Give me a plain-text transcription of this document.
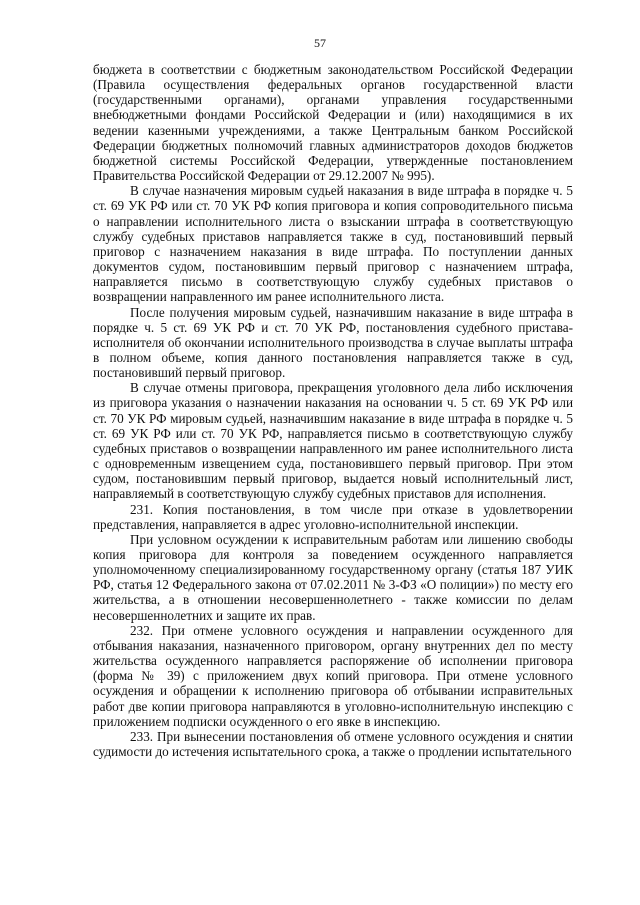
57

бюджета в соответствии с бюджетным законодательством Российской Федерации (Правила осуществления федеральных органов государственной власти (государственными органами), органами управления государственными внебюджетными фондами Российской Федерации и (или) находящимися в их ведении казенными учреждениями, а также Центральным банком Российской Федерации бюджетных полномочий главных администраторов доходов бюджетов бюджетной системы Российской Федерации, утвержденные постановлением Правительства Российской Федерации от 29.12.2007 № 995).

В случае назначения мировым судьей наказания в виде штрафа в порядке ч. 5 ст. 69 УК РФ или ст. 70 УК РФ копия приговора и копия сопроводительного письма о направлении исполнительного листа о взыскании штрафа в соответствующую службу судебных приставов направляется также в суд, постановивший первый приговор с назначением наказания в виде штрафа. По поступлении данных документов судом, постановившим первый приговор с назначением штрафа, направляется письмо в соответствующую службу судебных приставов о возвращении направленного им ранее исполнительного листа.

После получения мировым судьей, назначившим наказание в виде штрафа в порядке ч. 5 ст. 69 УК РФ и ст. 70 УК РФ, постановления судебного пристава-исполнителя об окончании исполнительного производства в случае выплаты штрафа в полном объеме, копия данного постановления направляется также в суд, постановивший первый приговор.

В случае отмены приговора, прекращения уголовного дела либо исключения из приговора указания о назначении наказания на основании ч. 5 ст. 69 УК РФ или ст. 70 УК РФ мировым судьей, назначившим наказание в виде штрафа в порядке ч. 5 ст. 69 УК РФ или ст. 70 УК РФ, направляется письмо в соответствующую службу судебных приставов о возвращении направленного им ранее исполнительного листа с одновременным извещением суда, постановившего первый приговор. При этом судом, постановившим первый приговор, выдается новый исполнительный лист, направляемый в соответствующую службу судебных приставов для исполнения.

231. Копия постановления, в том числе при отказе в удовлетворении представления, направляется в адрес уголовно-исполнительной инспекции.

При условном осуждении к исправительным работам или лишению свободы копия приговора для контроля за поведением осужденного направляется уполномоченному специализированному государственному органу (статья 187 УИК РФ, статья 12 Федерального закона от 07.02.2011 № 3-ФЗ «О полиции») по месту его жительства, а в отношении несовершеннолетнего - также комиссии по делам несовершеннолетних и защите их прав.

232. При отмене условного осуждения и направлении осужденного для отбывания наказания, назначенного приговором, органу внутренних дел по месту жительства осужденного направляется распоряжение об исполнении приговора (форма № 39) с приложением двух копий приговора. При отмене условного осуждения и обращении к исполнению приговора об отбывании исправительных работ две копии приговора направляются в уголовно-исполнительную инспекцию с приложением подписки осужденного о его явке в инспекцию.

233. При вынесении постановления об отмене условного осуждения и снятии судимости до истечения испытательного срока, а также о продлении испытательного
